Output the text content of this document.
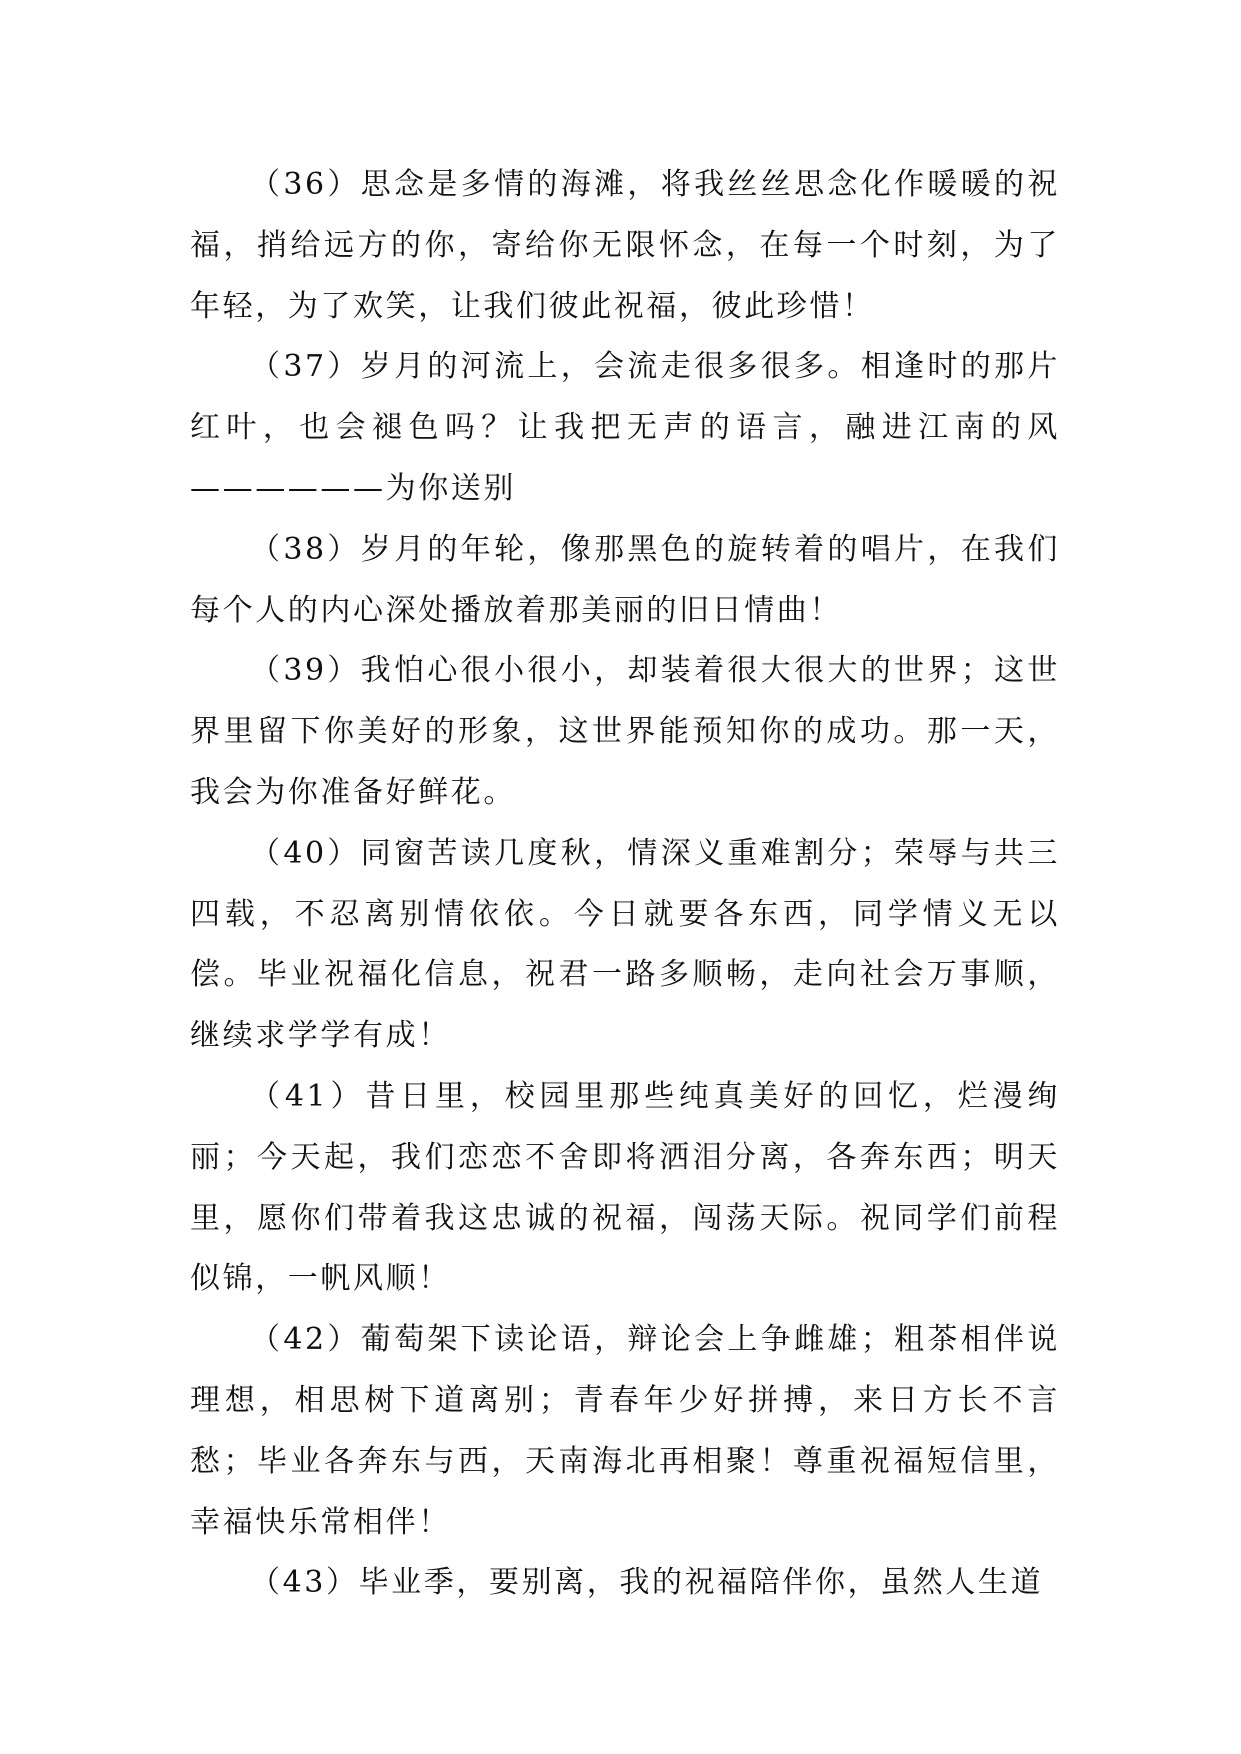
（36）思念是多情的海滩，将我丝丝思念化作暖暖的祝福，捎给远方的你，寄给你无限怀念，在每一个时刻，为了年轻，为了欢笑，让我们彼此祝福，彼此珍惜！

（37）岁月的河流上，会流走很多很多。相逢时的那片红叶，也会褪色吗？让我把无声的语言，融进江南的风——————为你送别

（38）岁月的年轮，像那黑色的旋转着的唱片，在我们每个人的内心深处播放着那美丽的旧日情曲！

（39）我怕心很小很小，却装着很大很大的世界；这世界里留下你美好的形象，这世界能预知你的成功。那一天，我会为你准备好鲜花。

（40）同窗苦读几度秋，情深义重难割分；荣辱与共三四载，不忍离别情依依。今日就要各东西，同学情义无以偿。毕业祝福化信息，祝君一路多顺畅，走向社会万事顺，继续求学学有成！

（41）昔日里，校园里那些纯真美好的回忆，烂漫绚丽；今天起，我们恋恋不舍即将洒泪分离，各奔东西；明天里，愿你们带着我这忠诚的祝福，闯荡天际。祝同学们前程似锦，一帆风顺！

（42）葡萄架下读论语，辩论会上争雌雄；粗茶相伴说理想，相思树下道离别；青春年少好拼搏，来日方长不言愁；毕业各奔东与西，天南海北再相聚！尊重祝福短信里，幸福快乐常相伴！

（43）毕业季，要别离，我的祝福陪伴你，虽然人生道
